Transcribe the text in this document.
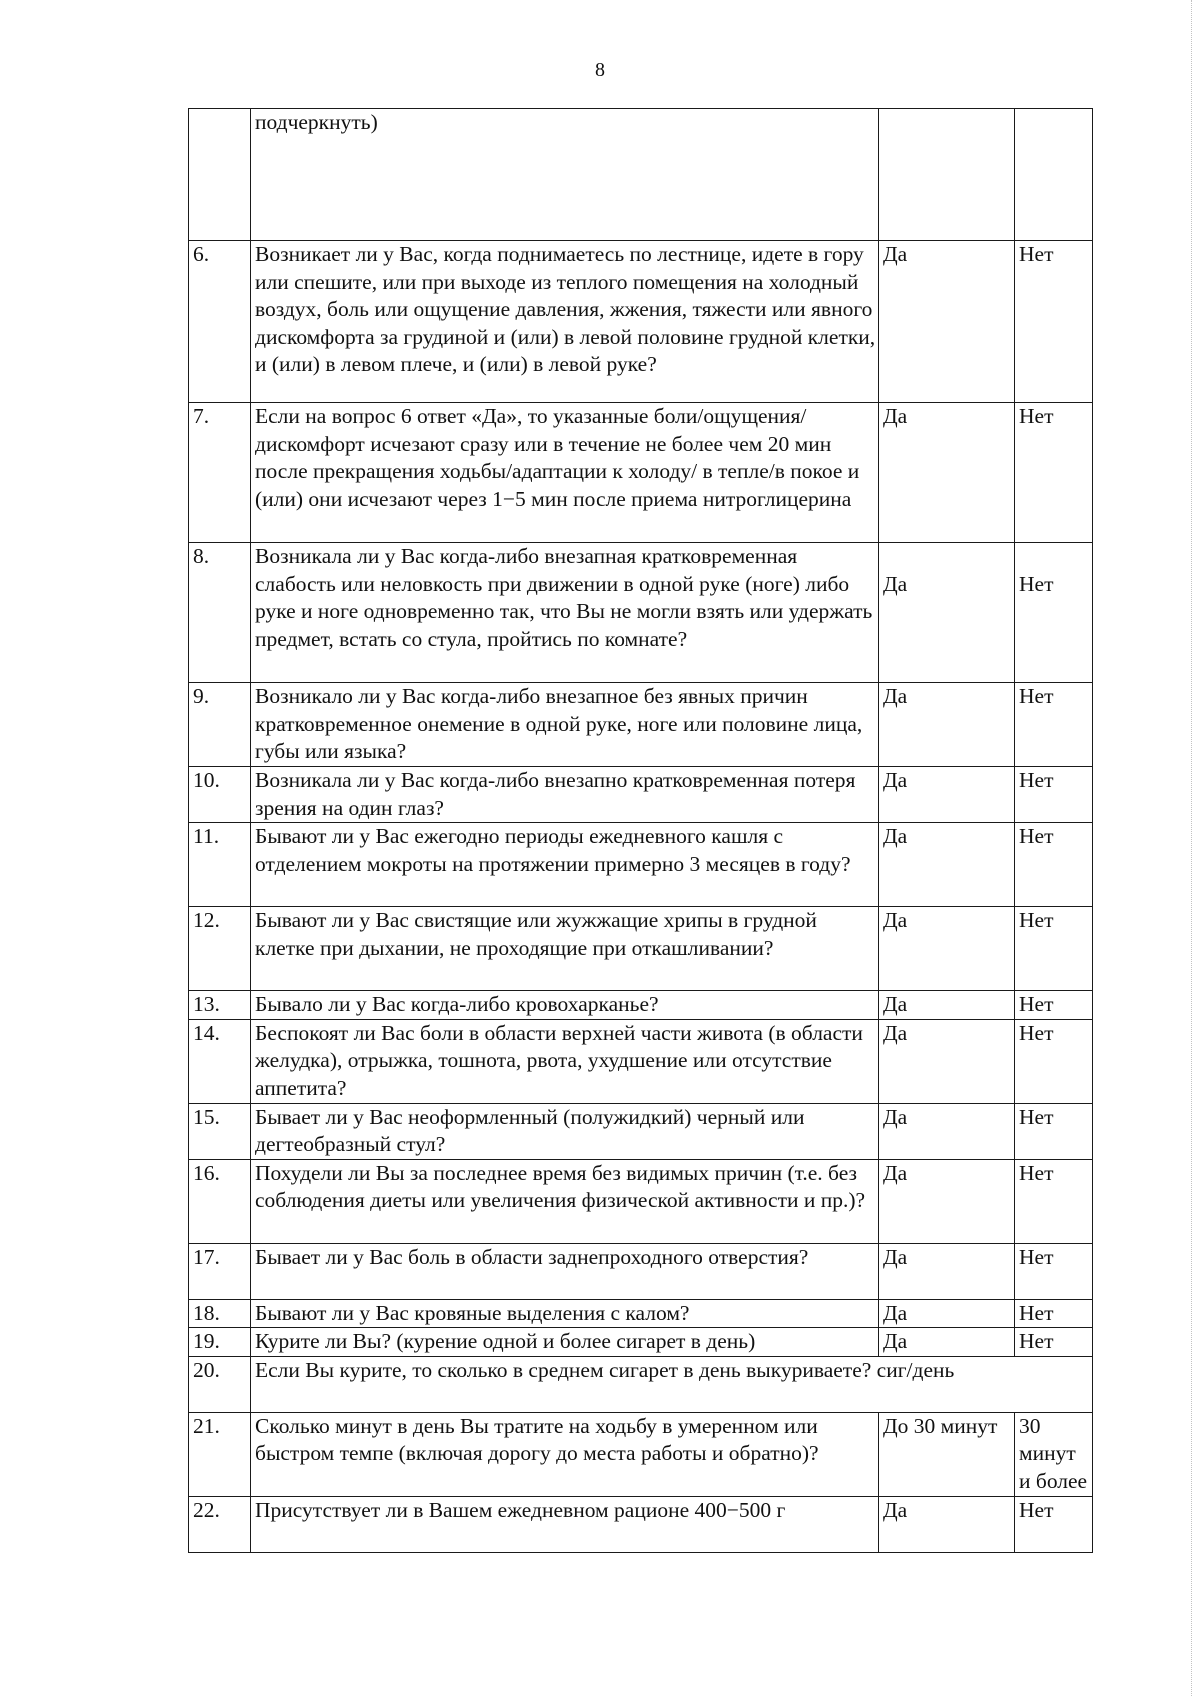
8
	подчеркнуть)		
6.	Возникает ли у Вас, когда поднимаетесь по лестнице, идете в гору или спешите, или при выходе из теплого помещения на холодный воздух, боль или ощущение давления, жжения, тяжести или явного дискомфорта за грудиной и (или) в левой половине грудной клетки, и (или) в левом плече, и (или) в левой руке?	Да	Нет
7.	Если на вопрос 6 ответ «Да», то указанные боли/ощущения/дискомфорт исчезают сразу или в течение не более чем 20 мин после прекращения ходьбы/адаптации к холоду/ в тепле/в покое и (или) они исчезают через 1−5 мин после приема нитроглицерина	Да	Нет
8.	Возникала ли у Вас когда-либо внезапная кратковременная слабость или неловкость при движении в одной руке (ноге) либо руке и ноге одновременно так, что Вы не могли взять или удержать предмет, встать со стула, пройтись по комнате?	Да	Нет
9.	Возникало ли у Вас когда-либо внезапное без явных причин кратковременное онемение в одной руке, ноге или половине лица, губы или языка?	Да	Нет
10.	Возникала ли у Вас когда-либо внезапно кратковременная потеря зрения на один глаз?	Да	Нет
11.	Бывают ли у Вас ежегодно периоды ежедневного кашля с отделением мокроты на протяжении примерно 3 месяцев в году?	Да	Нет
12.	Бывают ли у Вас свистящие или жужжащие хрипы в грудной клетке при дыхании, не проходящие при откашливании?	Да	Нет
13.	Бывало ли у Вас когда-либо кровохарканье?	Да	Нет
14.	Беспокоят ли Вас боли в области верхней части живота (в области желудка), отрыжка, тошнота, рвота, ухудшение или отсутствие аппетита?	Да	Нет
15.	Бывает ли у Вас неоформленный (полужидкий) черный или дегтеобразный стул?	Да	Нет
16.	Похудели ли Вы за последнее время без видимых причин (т.е. без соблюдения диеты или увеличения физической активности и пр.)?	Да	Нет
17.	Бывает ли у Вас боль в области заднепроходного отверстия?	Да	Нет
18.	Бывают ли у Вас кровяные выделения с калом?	Да	Нет
19.	Курите ли Вы? (курение одной и более сигарет в день)	Да	Нет
20.	Если Вы курите, то сколько в среднем сигарет в день выкуриваете? сиг/день		
21.	Сколько минут в день Вы тратите на ходьбу в умеренном или быстром темпе (включая дорогу до места работы и обратно)?	До 30 минут	30 минут и более
22.	Присутствует ли в Вашем ежедневном рационе 400−500 г	Да	Нет
